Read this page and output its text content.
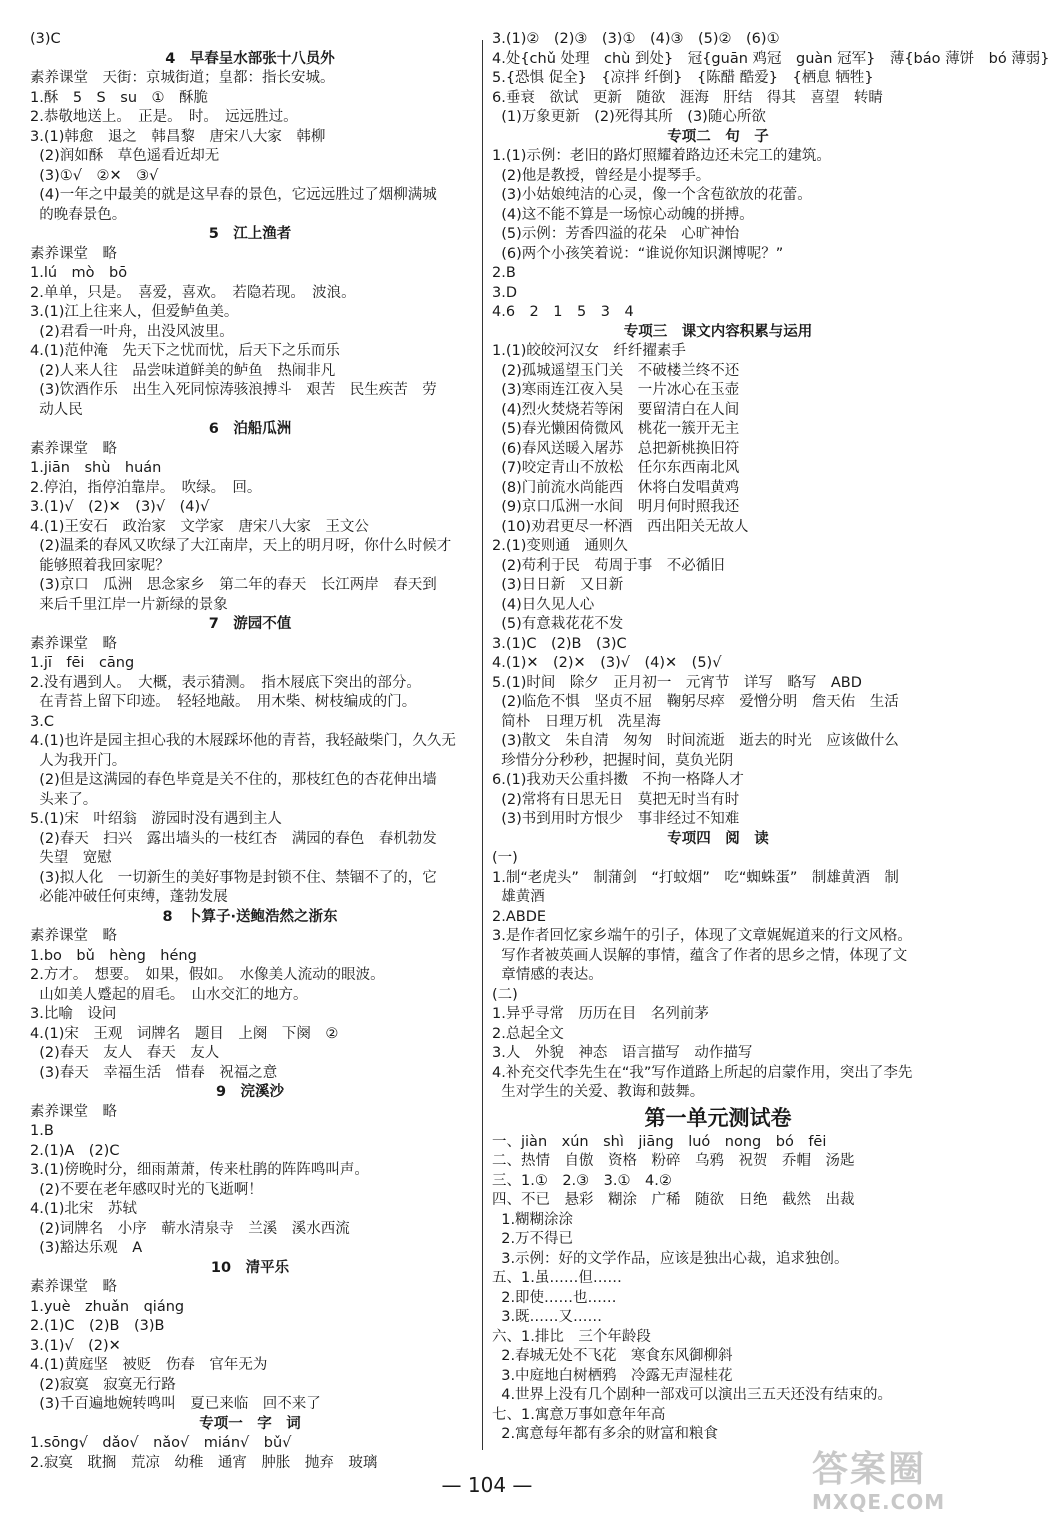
(3)C
4　早春呈水部张十八员外
素养课堂　天街：京城街道；皇都：指长安城。
1.酥　5　S　su　①　酥脆
2.恭敬地送上。　正是。　时。　远远胜过。
3.(1)韩愈　退之　韩昌黎　唐宋八大家　韩柳
(2)润如酥　草色遥看近却无
(3)①√　②✕　③√
(4)一年之中最美的就是这早春的景色，它远远胜过了烟柳满城
的晚春景色。
5　江上渔者
素养课堂　略
1.lú　mò　bō
2.单单，只是。　喜爱，喜欢。　若隐若现。　波浪。
3.(1)江上往来人，但爱鲈鱼美。
(2)君看一叶舟，出没风波里。
4.(1)范仲淹　先天下之忧而忧，后天下之乐而乐
(2)人来人往　品尝味道鲜美的鲈鱼　热闹非凡
(3)饮酒作乐　出生入死同惊涛骇浪搏斗　艰苦　民生疾苦　劳
动人民
6　泊船瓜洲
素养课堂　略
1.jiān　shù　huán
2.停泊，指停泊靠岸。　吹绿。　回。
3.(1)√　(2)✕　(3)√　(4)√
4.(1)王安石　政治家　文学家　唐宋八大家　王文公
(2)温柔的春风又吹绿了大江南岸，天上的明月呀，你什么时候才
能够照着我回家呢？
(3)京口　瓜洲　思念家乡　第二年的春天　长江两岸　春天到
来后千里江岸一片新绿的景象
7　游园不值
素养课堂　略
1.jī　fēi　cāng
2.没有遇到人。　大概，表示猜测。　指木屐底下突出的部分。
在青苔上留下印迹。　轻轻地敲。　用木柴、树枝编成的门。
3.C
4.(1)也许是园主担心我的木屐踩坏他的青苔，我轻敲柴门，久久无
人为我开门。
(2)但是这满园的春色毕竟是关不住的，那枝红色的杏花伸出墙
头来了。
5.(1)宋　叶绍翁　游园时没有遇到主人
(2)春天　扫兴　露出墙头的一枝红杏　满园的春色　春机勃发
失望　宽慰
(3)拟人化　一切新生的美好事物是封锁不住、禁锢不了的，它
必能冲破任何束缚，蓬勃发展
8　卜算子·送鲍浩然之浙东
素养课堂　略
1.bo　bǔ　hèng　héng
2.方才。　想要。　如果，假如。　水像美人流动的眼波。
山如美人蹙起的眉毛。　山水交汇的地方。
3.比喻　设问
4.(1)宋　王观　词牌名　题目　上阕　下阕　②
(2)春天　友人　春天　友人
(3)春天　幸福生活　惜春　祝福之意
9　浣溪沙
素养课堂　略
1.B
2.(1)A　(2)C
3.(1)傍晚时分，细雨萧萧，传来杜鹃的阵阵鸣叫声。
(2)不要在老年感叹时光的飞逝啊！
4.(1)北宋　苏轼
(2)词牌名　小序　蕲水清泉寺　兰溪　溪水西流
(3)豁达乐观　A
10　清平乐
素养课堂　略
1.yuè　zhuǎn　qiáng
2.(1)C　(2)B　(3)B
3.(1)√　(2)✕
4.(1)黄庭坚　被贬　伤春　官年无为
(2)寂寞　寂寞无行路
(3)千百遍地婉转鸣叫　夏已来临　回不来了
专项一　字　词
1.sōng√　dǎo√　nǎo√　mián√　bǔ√
2.寂寞　耽搁　荒凉　幼稚　通宵　肿胀　抛弃　玻璃
3.(1)②　(2)③　(3)①　(4)③　(5)②　(6)①
4.处{chǔ 处理　chù 到处}　冠{guān 鸡冠　guàn 冠军}　薄{báo 薄饼　bó 薄弱}
5.{恐惧 促全}　{凉拌 纤倒}　{陈醋 酷爱}　{栖息 牺牲}
6.垂衰　欲试　更新　随欲　涯海　肝结　得其　喜望　转睛
(1)万象更新　(2)死得其所　(3)随心所欲
专项二　句　子
1.(1)示例：老旧的路灯照耀着路边还未完工的建筑。
(2)他是教授，曾经是小提琴手。
(3)小姑娘纯洁的心灵，像一个含苞欲放的花蕾。
(4)这不能不算是一场惊心动魄的拼搏。
(5)示例：芳香四溢的花朵　心旷神怡
(6)两个小孩笑着说：“谁说你知识渊博呢？”
2.B
3.D
4.6　2　1　5　3　4
专项三　课文内容积累与运用
1.(1)皎皎河汉女　纤纤擢素手
(2)孤城遥望玉门关　不破楼兰终不还
(3)寒雨连江夜入吴　一片冰心在玉壶
(4)烈火焚烧若等闲　要留清白在人间
(5)春光懒困倚微风　桃花一簇开无主
(6)春风送暖入屠苏　总把新桃换旧符
(7)咬定青山不放松　任尔东西南北风
(8)门前流水尚能西　休将白发唱黄鸡
(9)京口瓜洲一水间　明月何时照我还
(10)劝君更尽一杯酒　西出阳关无故人
2.(1)变则通　通则久
(2)苟利于民　苟周于事　不必循旧
(3)日日新　又日新
(4)日久见人心
(5)有意栽花花不发
3.(1)C　(2)B　(3)C
4.(1)✕　(2)✕　(3)√　(4)✕　(5)√
5.(1)时间　除夕　正月初一　元宵节　详写　略写　ABD
(2)临危不惧　坚贞不屈　鞠躬尽瘁　爱憎分明　詹天佑　生活
简朴　日理万机　冼星海
(3)散文　朱自清　匆匆　时间流逝　逝去的时光　应该做什么
珍惜分分秒秒，把握时间，莫负光阴
6.(1)我劝天公重抖擞　不拘一格降人才
(2)常将有日思无日　莫把无时当有时
(3)书到用时方恨少　事非经过不知难
专项四　阅　读
(一)
1.制“老虎头”　制蒲剑　“打蚊烟”　吃“蜘蛛蛋”　制雄黄酒　制
雄黄酒
2.ABDE
3.是作者回忆家乡端午的引子，体现了文章娓娓道来的行文风格。
写作者被英画人误解的事情，蕴含了作者的思乡之情，体现了文
章情感的表达。
(二)
1.异乎寻常　历历在目　名列前茅
2.总起全文
3.人　外貌　神态　语言描写　动作描写
4.补充交代李先生在“我”写作道路上所起的启蒙作用，突出了李先
生对学生的关爱、教诲和鼓舞。
第一单元测试卷
一、jiàn　xún　shì　jiāng　luó　nong　bó　fēi
二、热情　自傲　资格　粉碎　乌鸦　祝贺　乔帽　汤匙
三、1.①　2.③　3.①　4.②
四、不已　悬彩　糊涂　广稀　随欲　日绝　截然　出裁
1.糊糊涂涂
2.万不得已
3.示例：好的文学作品，应该是独出心裁，追求独创。
五、1.虽……但……
2.即使……也……
3.既……又……
六、1.排比　三个年龄段
2.春城无处不飞花　寒食东风御柳斜
3.中庭地白树栖鸦　冷露无声湿桂花
4.世界上没有几个剧种一部戏可以演出三五天还没有结束的。
七、1.寓意万事如意年年高
2.寓意每年都有多余的财富和粮食
— 104 —	答案圈
MXQE.COM
